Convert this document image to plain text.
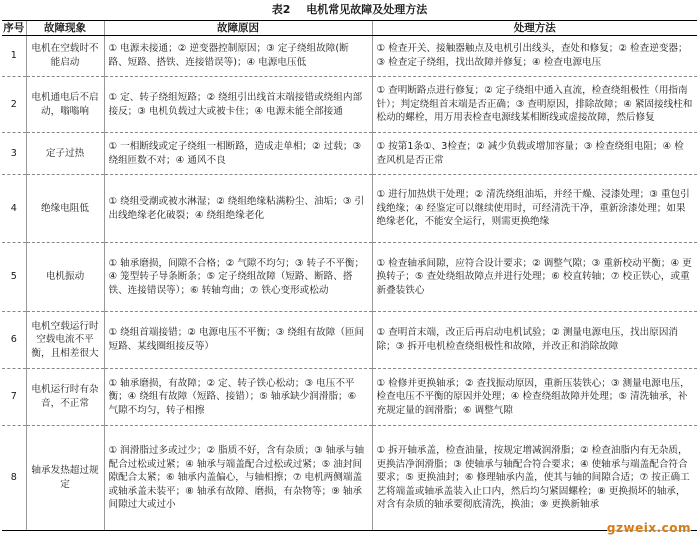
表2 电机常见故障及处理方法
序号	故障现象	故障原因	处理方法
1	电机在空载时不能启动	① 电源未接通；② 逆变器控制原因；③ 定子绕组故障(断路、短路、搭铁、连接错误等)；④ 电源电压低	① 检查开关、接触器触点及电机引出线头，查处和修复；② 检查逆变器；③ 检查定子绕组，找出故障并修复；④ 检查电源电压
2	电机通电后不启动，嗡嗡响	① 定、转子绕组短路；② 绕组引出线首末端接错或绕组内部接反；③ 电机负载过大或被卡住；④ 电源未能全部接通	① 查明断路点进行修复；② 定子绕组中通入直流，检查绕组极性（用指南针）；判定绕组首末端是否正确；③ 查明原因，排除故障；④ 紧固接线柱和松动的螺栓，用万用表检查电源线某相断线或虚接故障，然后修复
3	定子过热	① 一相断线或定子绕组一相断路，造成走单相；② 过载；③ 绕组匝数不对；④ 通风不良	① 按第1条①、3检查；② 减少负载或增加容量；③ 检查绕组电阻；④ 检查风机是否正常
4	绝缘电阻低	① 绕组受潮或被水淋湿；② 绕组绝缘粘满粉尘、油垢；③ 引出线绝缘老化破裂；④ 绕组绝缘老化	① 进行加热烘干处理；② 清洗绕组油垢，并经干燥、浸漆处理；③ 重包引线绝缘；④ 经鉴定可以继续使用时，可经清洗干净，重新涂漆处理；如果绝缘老化，不能安全运行，则需更换绝缘
5	电机振动	① 轴承磨损，间隙不合格；② 气隙不均匀；③ 转子不平衡；④ 笼型转子导条断条；⑤ 定子绕组故障（短路、断路、搭铁、连接错误等）；⑥ 转轴弯曲；⑦ 铁心变形或松动	① 检查轴承间隙，应符合设计要求；② 调整气隙；③ 重新校动平衡；④ 更换转子；⑤ 查处绕组故障点并进行处理；⑥ 校直转轴；⑦ 校正铁心，或重新叠装铁心
6	电机空载运行时空载电流不平衡，且相差很大	① 绕组首端接错；② 电源电压不平衡；③ 绕组有故障（匝间短路、某线圈组接反等）	① 查明首末端，改正后再启动电机试验；② 测量电源电压，找出原因消除；③ 拆开电机检查绕组极性和故障，并改正和消除故障
7	电机运行时有杂音，不正常	① 轴承磨损，有故障；② 定、转子铁心松动；③ 电压不平衡；④ 绕组有故障（短路、接错）；⑤ 轴承缺少润滑脂；⑥ 气隙不均匀，转子相擦	① 检修并更换轴承；② 查找振动原因，重新压装铁心；③ 测量电源电压，检查电压不平衡的原因并处理；④ 检查绕组故障并处理；⑤ 清洗轴承，补充规定量的润滑脂；⑥ 调整气隙
8	轴承发热超过规定	① 润滑脂过多或过少；② 脂质不好，含有杂质；③ 轴承与轴配合过松或过紧；④ 轴承与端盖配合过松或过紧；⑤ 油封间隙配合太紧；⑥ 轴承内盖偏心，与轴相擦；⑦ 电机两侧端盖或轴承盖未装平；⑧ 轴承有故障、磨损，有杂物等；⑨ 轴承间隙过大或过小	① 拆开轴承盖，检查油量，按规定增减润滑脂；② 检查油脂内有无杂质，更换洁净润滑脂；③ 使轴承与轴配合符合要求；④ 使轴承与端盖配合符合要求；⑤ 更换油封；⑥ 修理轴承内盖，使其与轴的间隙合适；⑦ 按正确工艺将端盖或轴承盖装入止口内，然后均匀紧固螺栓；⑧ 更换损坏的轴承，对含有杂质的轴承要彻底清洗，换油；⑨ 更换新轴承
gzweix.com
